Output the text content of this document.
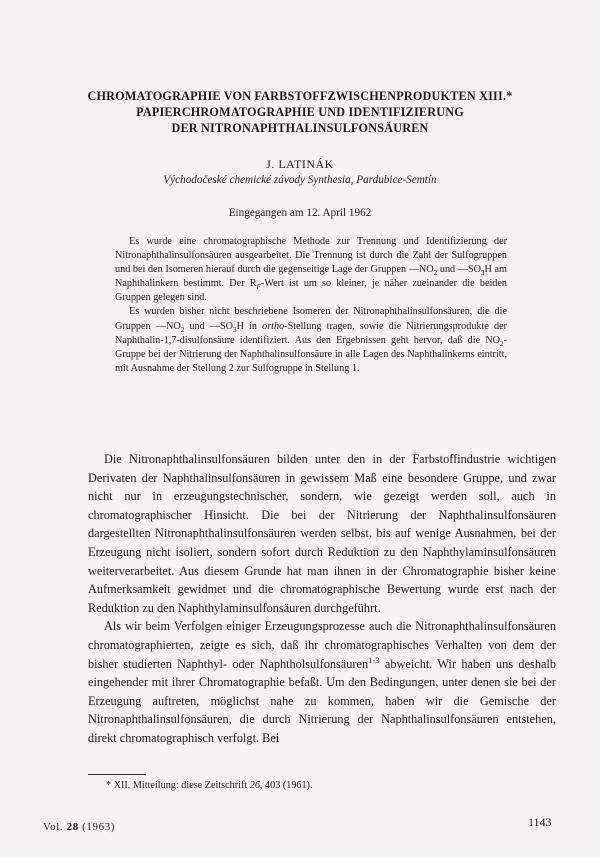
CHROMATOGRAPHIE VON FARBSTOFFZWISCHENPRODUKTEN XIII.*
PAPIERCHROMATOGRAPHIE UND IDENTIFIZIERUNG
DER NITRONAPHTHALINSULFONSÄUREN
J. LATINÁK
Východočeské chemické závody Synthesia, Pardubice-Semtín
Eingegangen am 12. April 1962

Es wurde eine chromatographische Methode zur Trennung und Identifizierung der Nitronaphthalinsulfonsäuren ausgearbeitet. Die Trennung ist durch die Zahl der Sulfogruppen und bei den Isomeren hierauf durch die gegenseitige Lage der Gruppen $—NO_2$ und $—SO_3H$ am Naphthalinkern bestimmt. Der $R_F$-Wert ist um so kleiner, je näher zueinander die beiden Gruppen gelegen sind.

Es wurden bisher nicht beschriebene Isomeren der Nitronaphthalinsulfonsäuren, die die Gruppen $—NO_2$ und $—SO_3H$ in ortho-Stellung tragen, sowie die Nitrierungsprodukte der Naphthalin-1,7-disulfonsäure identifiziert. Aus den Ergebnissen geht hervor, daß die $NO_2$-Gruppe bei der Nitrierung der Naphthalinsulfonsäure in alle Lagen des Naphthalinkerns eintritt, mit Ausnahme der Stellung 2 zur Sulfogruppe in Stellung 1.

Die Nitronaphthalinsulfonsäuren bilden unter den in der Farbstoffindustrie wichtigen Derivaten der Naphthalinsulfonsäuren in gewissem Maß eine besondere Gruppe, und zwar nicht nur in erzeugungstechnischer, sondern, wie gezeigt werden soll, auch in chromatographischer Hinsicht. Die bei der Nitrierung der Naphthalinsulfonsäuren dargestellten Nitronaphthalinsulfonsäuren werden selbst, bis auf wenige Ausnahmen, bei der Erzeugung nicht isoliert, sondern sofort durch Reduktion zu den Naphthylaminsulfonsäuren weiterverarbeitet. Aus diesem Grunde hat man ihnen in der Chromatographie bisher keine Aufmerksamkeit gewidmet und die chromatographische Bewertung wurde erst nach der Reduktion zu den Naphthylaminsulfonsäuren durchgeführt.

Als wir beim Verfolgen einiger Erzeugungsprozesse auch die Nitronaphthalinsulfonsäuren chromatographierten, zeigte es sich, daß ihr chromatographisches Verhalten von dem der bisher studierten Naphthyl- oder Naphtholsulfonsäuren$^{1-3}$ abweicht. Wir haben uns deshalb eingehender mit ihrer Chromatographie befaßt. Um den Bedingungen, unter denen sie bei der Erzeugung auftreten, möglichst nahe zu kommen, haben wir die Gemische der Nitronaphthalinsulfonsäuren, die durch Nitrierung der Naphthalinsulfonsäuren entstehen, direkt chromatographisch verfolgt. Bei

* XII. Mitteilung: diese Zeitschrift 26, 403 (1961).
Vol. 28 (1963)	1143
